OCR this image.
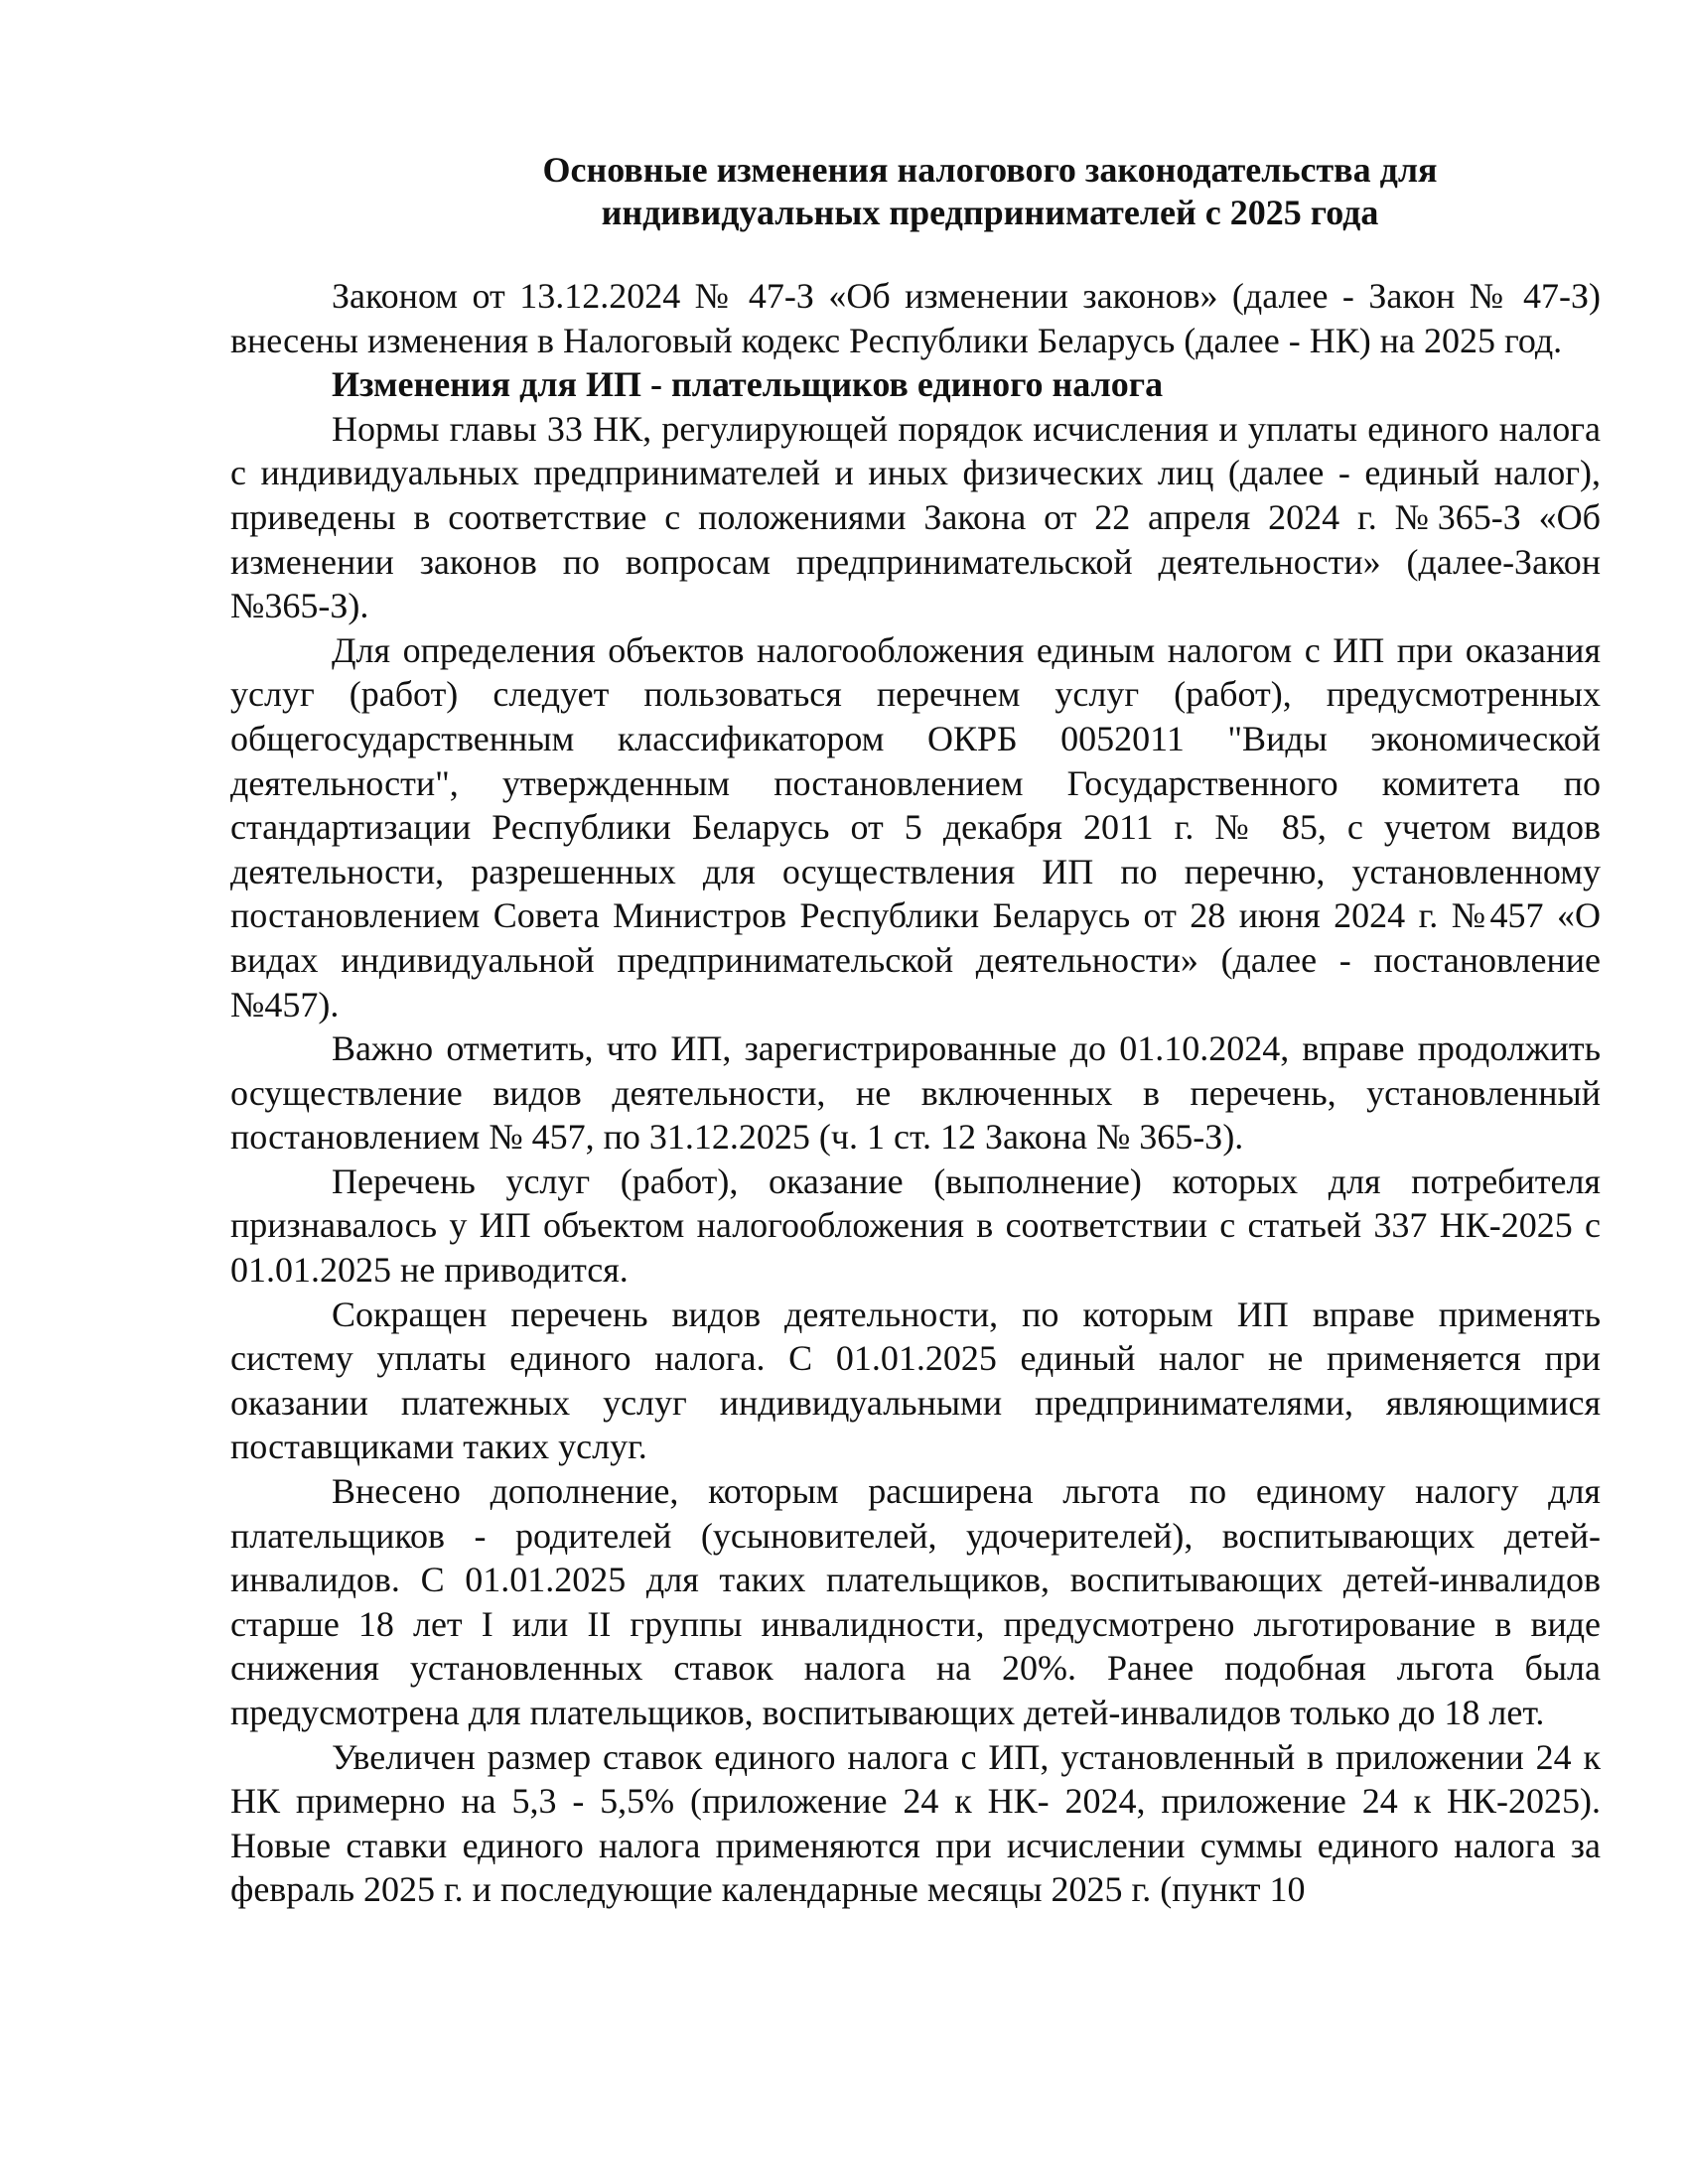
Основные изменения налогового законодательства для
индивидуальных предпринимателей с 2025 года

Законом от 13.12.2024 № 47-З «Об изменении законов» (далее - Закон № 47-З) внесены изменения в Налоговый кодекс Республики Беларусь (далее - НК) на 2025 год.

Изменения для ИП - плательщиков единого налога

Нормы главы 33 НК, регулирующей порядок исчисления и уплаты единого налога с индивидуальных предпринимателей и иных физических лиц (далее - единый налог), приведены в соответствие с положениями Закона от 22 апреля 2024 г. №365-З «Об изменении законов по вопросам предпринимательской деятельности» (далее-Закон №365-З).

Для определения объектов налогообложения единым налогом с ИП при оказания услуг (работ) следует пользоваться перечнем услуг (работ), предусмотренных общегосударственным классификатором ОКРБ 0052011 "Виды экономической деятельности", утвержденным постановлением Государственного комитета по стандартизации Республики Беларусь от 5 декабря 2011 г. № 85, с учетом видов деятельности, разрешенных для осуществления ИП по перечню, установленному постановлением Совета Министров Республики Беларусь от 28 июня 2024 г. №457 «О видах индивидуальной предпринимательской деятельности» (далее - постановление №457).

Важно отметить, что ИП, зарегистрированные до 01.10.2024, вправе продолжить осуществление видов деятельности, не включенных в перечень, установленный постановлением № 457, по 31.12.2025 (ч. 1 ст. 12 Закона № 365-З).

Перечень услуг (работ), оказание (выполнение) которых для потребителя признавалось у ИП объектом налогообложения в соответствии с статьей 337 НК-2025 с 01.01.2025 не приводится.

Сокращен перечень видов деятельности, по которым ИП вправе применять систему уплаты единого налога. С 01.01.2025 единый налог не применяется при оказании платежных услуг индивидуальными предпринимателями, являющимися поставщиками таких услуг.

Внесено дополнение, которым расширена льгота по единому налогу для плательщиков - родителей (усыновителей, удочерителей), воспитывающих детей-инвалидов. С 01.01.2025 для таких плательщиков, воспитывающих детей-инвалидов старше 18 лет I или II группы инвалидности, предусмотрено льготирование в виде снижения установленных ставок налога на 20%. Ранее подобная льгота была предусмотрена для плательщиков, воспитывающих детей-инвалидов только до 18 лет.

Увеличен размер ставок единого налога с ИП, установленный в приложении 24 к НК примерно на 5,3 - 5,5% (приложение 24 к НК- 2024, приложение 24 к НК-2025). Новые ставки единого налога применяются при исчислении суммы единого налога за февраль 2025 г. и последующие календарные месяцы 2025 г. (пункт 10
